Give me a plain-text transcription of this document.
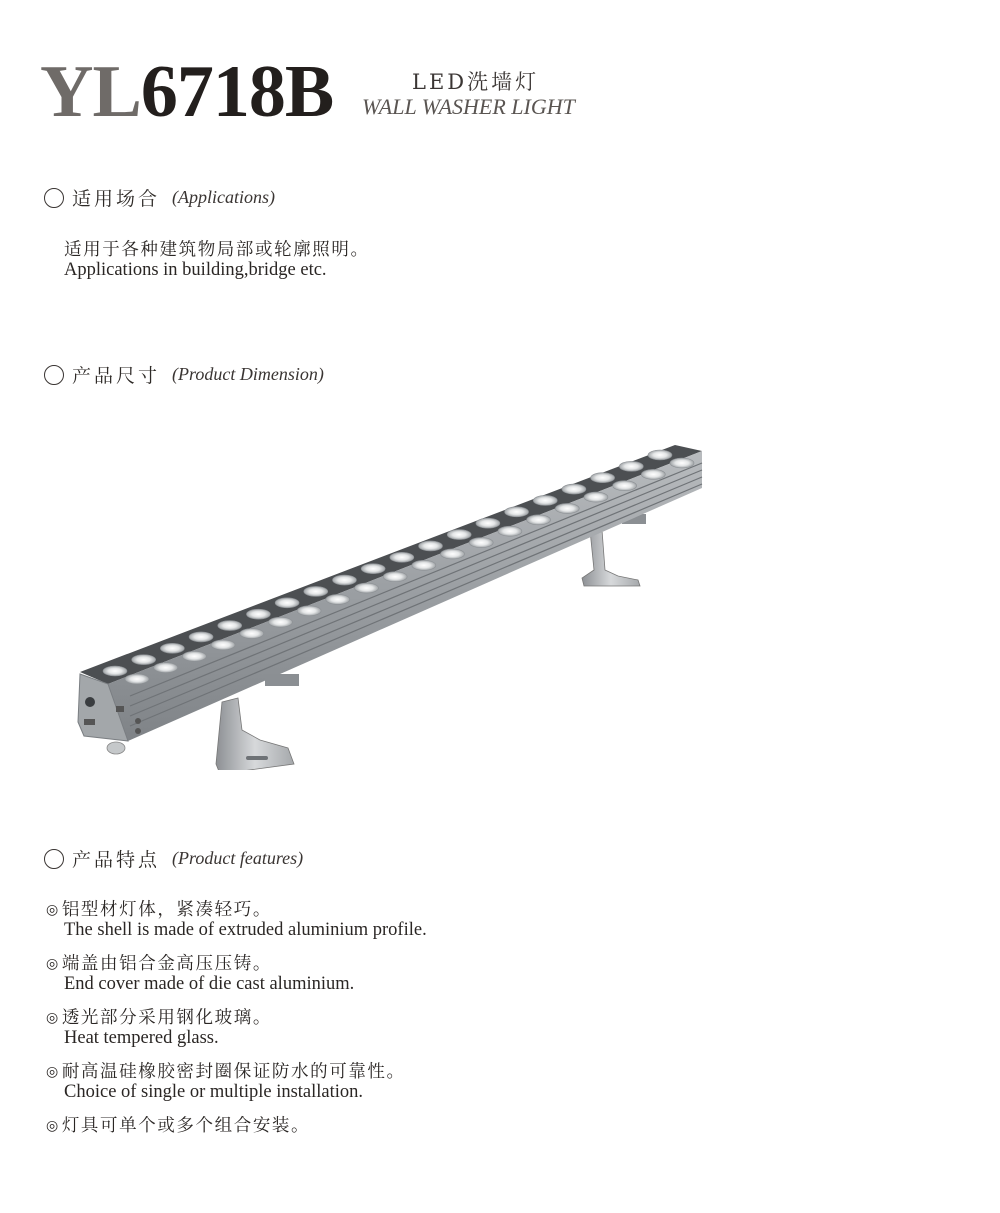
YL6718B	LED洗墙灯
WALL WASHER LIGHT
适用场合 (Applications)
适用于各种建筑物局部或轮廓照明。
Applications in building,bridge etc.
产品尺寸 (Product Dimension)
产品特点 (Product features)
◎ 铝型材灯体，紧凑轻巧。
The shell is made of extruded aluminium profile.
◎ 端盖由铝合金高压压铸。
End cover made of die cast aluminium.
◎ 透光部分采用钢化玻璃。
Heat tempered glass.
◎ 耐高温硅橡胶密封圈保证防水的可靠性。
Choice of single or multiple installation.
◎ 灯具可单个或多个组合安装。
